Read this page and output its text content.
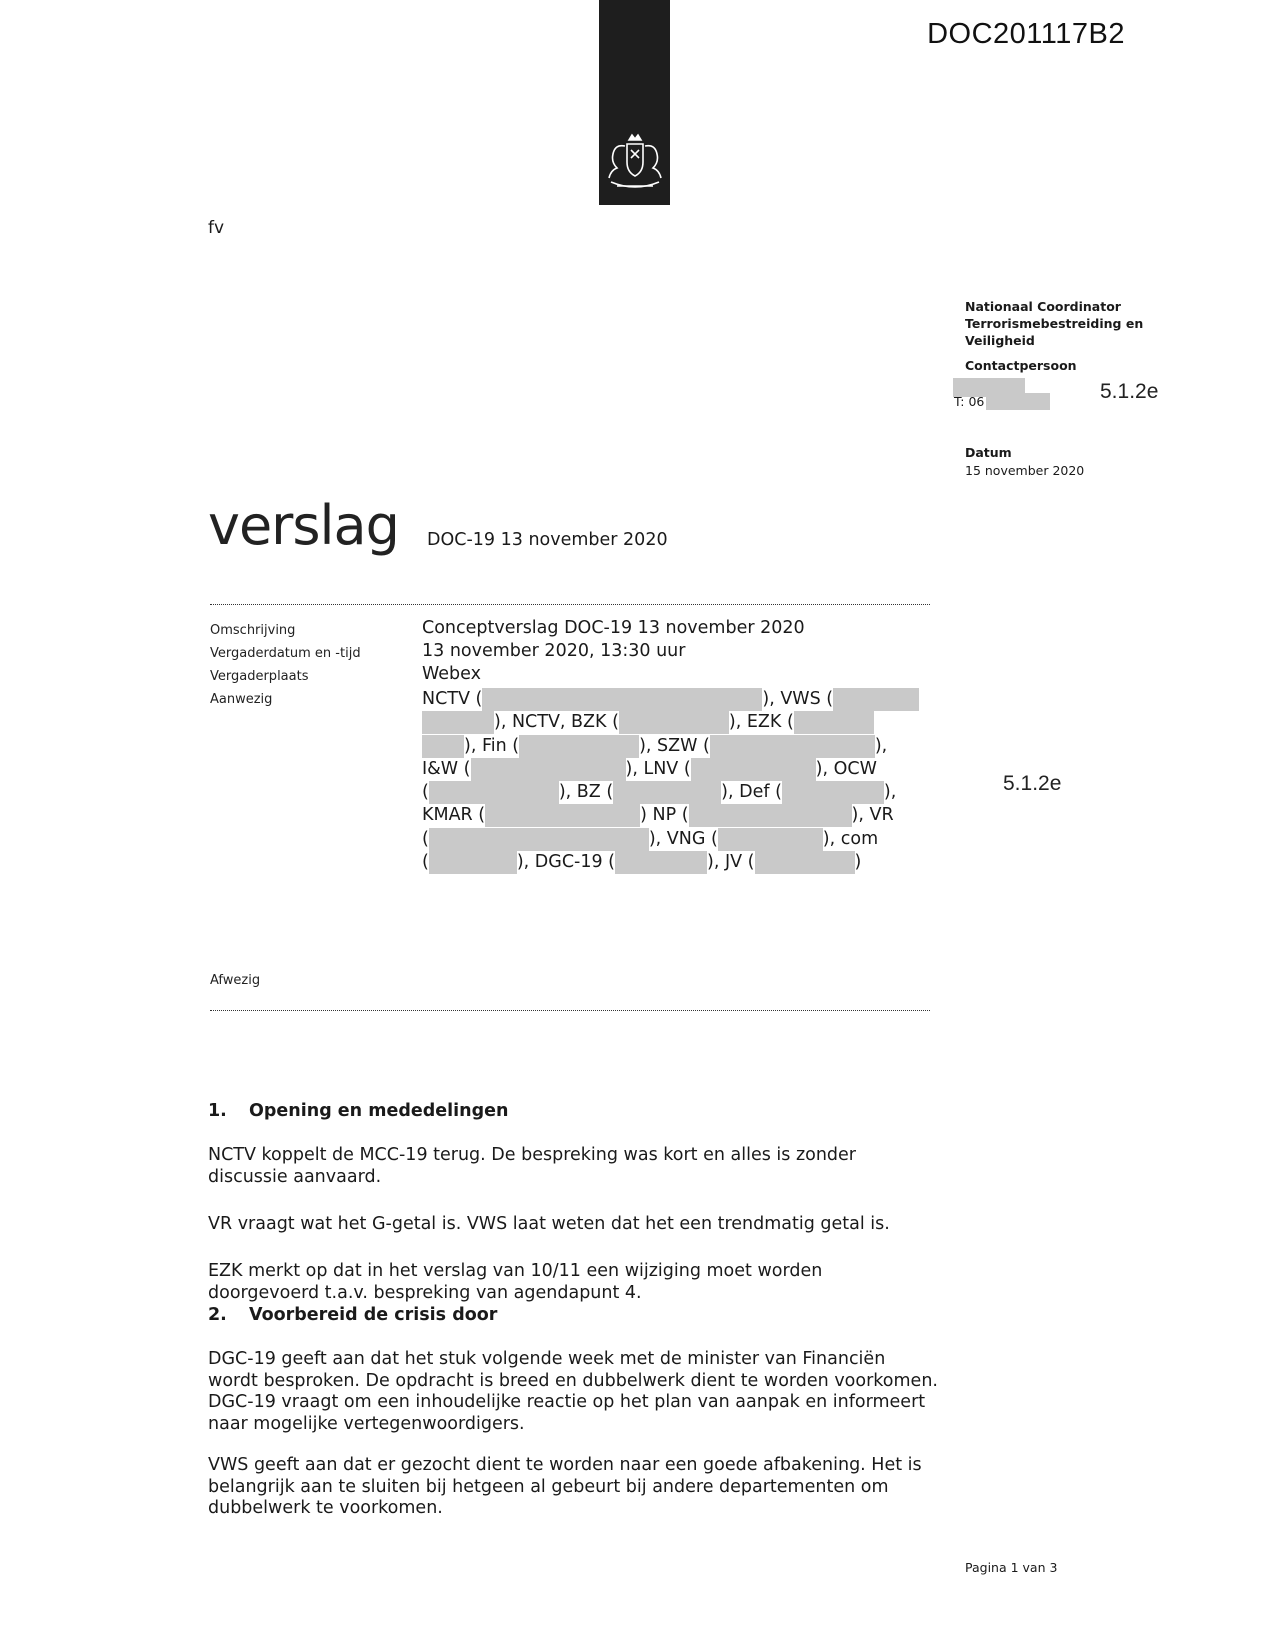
DOC201117B2
fv
Nationaal Coordinator
Terrorismebestreiding en
Veiligheid
Contactpersoon
T: 06	5.1.2e
Datum
15 november 2020
verslag DOC-19 13 november 2020
Omschrijving	Conceptverslag DOC-19 13 november 2020
Vergaderdatum en -tijd	13 november 2020, 13:30 uur
Vergaderplaats	Webex
Aanwezig	NCTV (	), VWS (
), NCTV, BZK (	), EZK (
), Fin (	), SZW (	),
I&W (	), LNV (	), OCW
(	), BZ (	), Def (	),
KMAR (	) NP (	), VR
(	), VNG (	), com
(	), DGC-19 (	), JV (	)
5.1.2e
Afwezig
1. Opening en mededelingen
NCTV koppelt de MCC-19 terug. De bespreking was kort en alles is zonder discussie aanvaard.
VR vraagt wat het G-getal is. VWS laat weten dat het een trendmatig getal is.
EZK merkt op dat in het verslag van 10/11 een wijziging moet worden doorgevoerd t.a.v. bespreking van agendapunt 4.
2. Voorbereid de crisis door
DGC-19 geeft aan dat het stuk volgende week met de minister van Financiën wordt besproken. De opdracht is breed en dubbelwerk dient te worden voorkomen. DGC-19 vraagt om een inhoudelijke reactie op het plan van aanpak en informeert naar mogelijke vertegenwoordigers.
VWS geeft aan dat er gezocht dient te worden naar een goede afbakening. Het is belangrijk aan te sluiten bij hetgeen al gebeurt bij andere departementen om dubbelwerk te voorkomen.
Pagina 1 van 3
